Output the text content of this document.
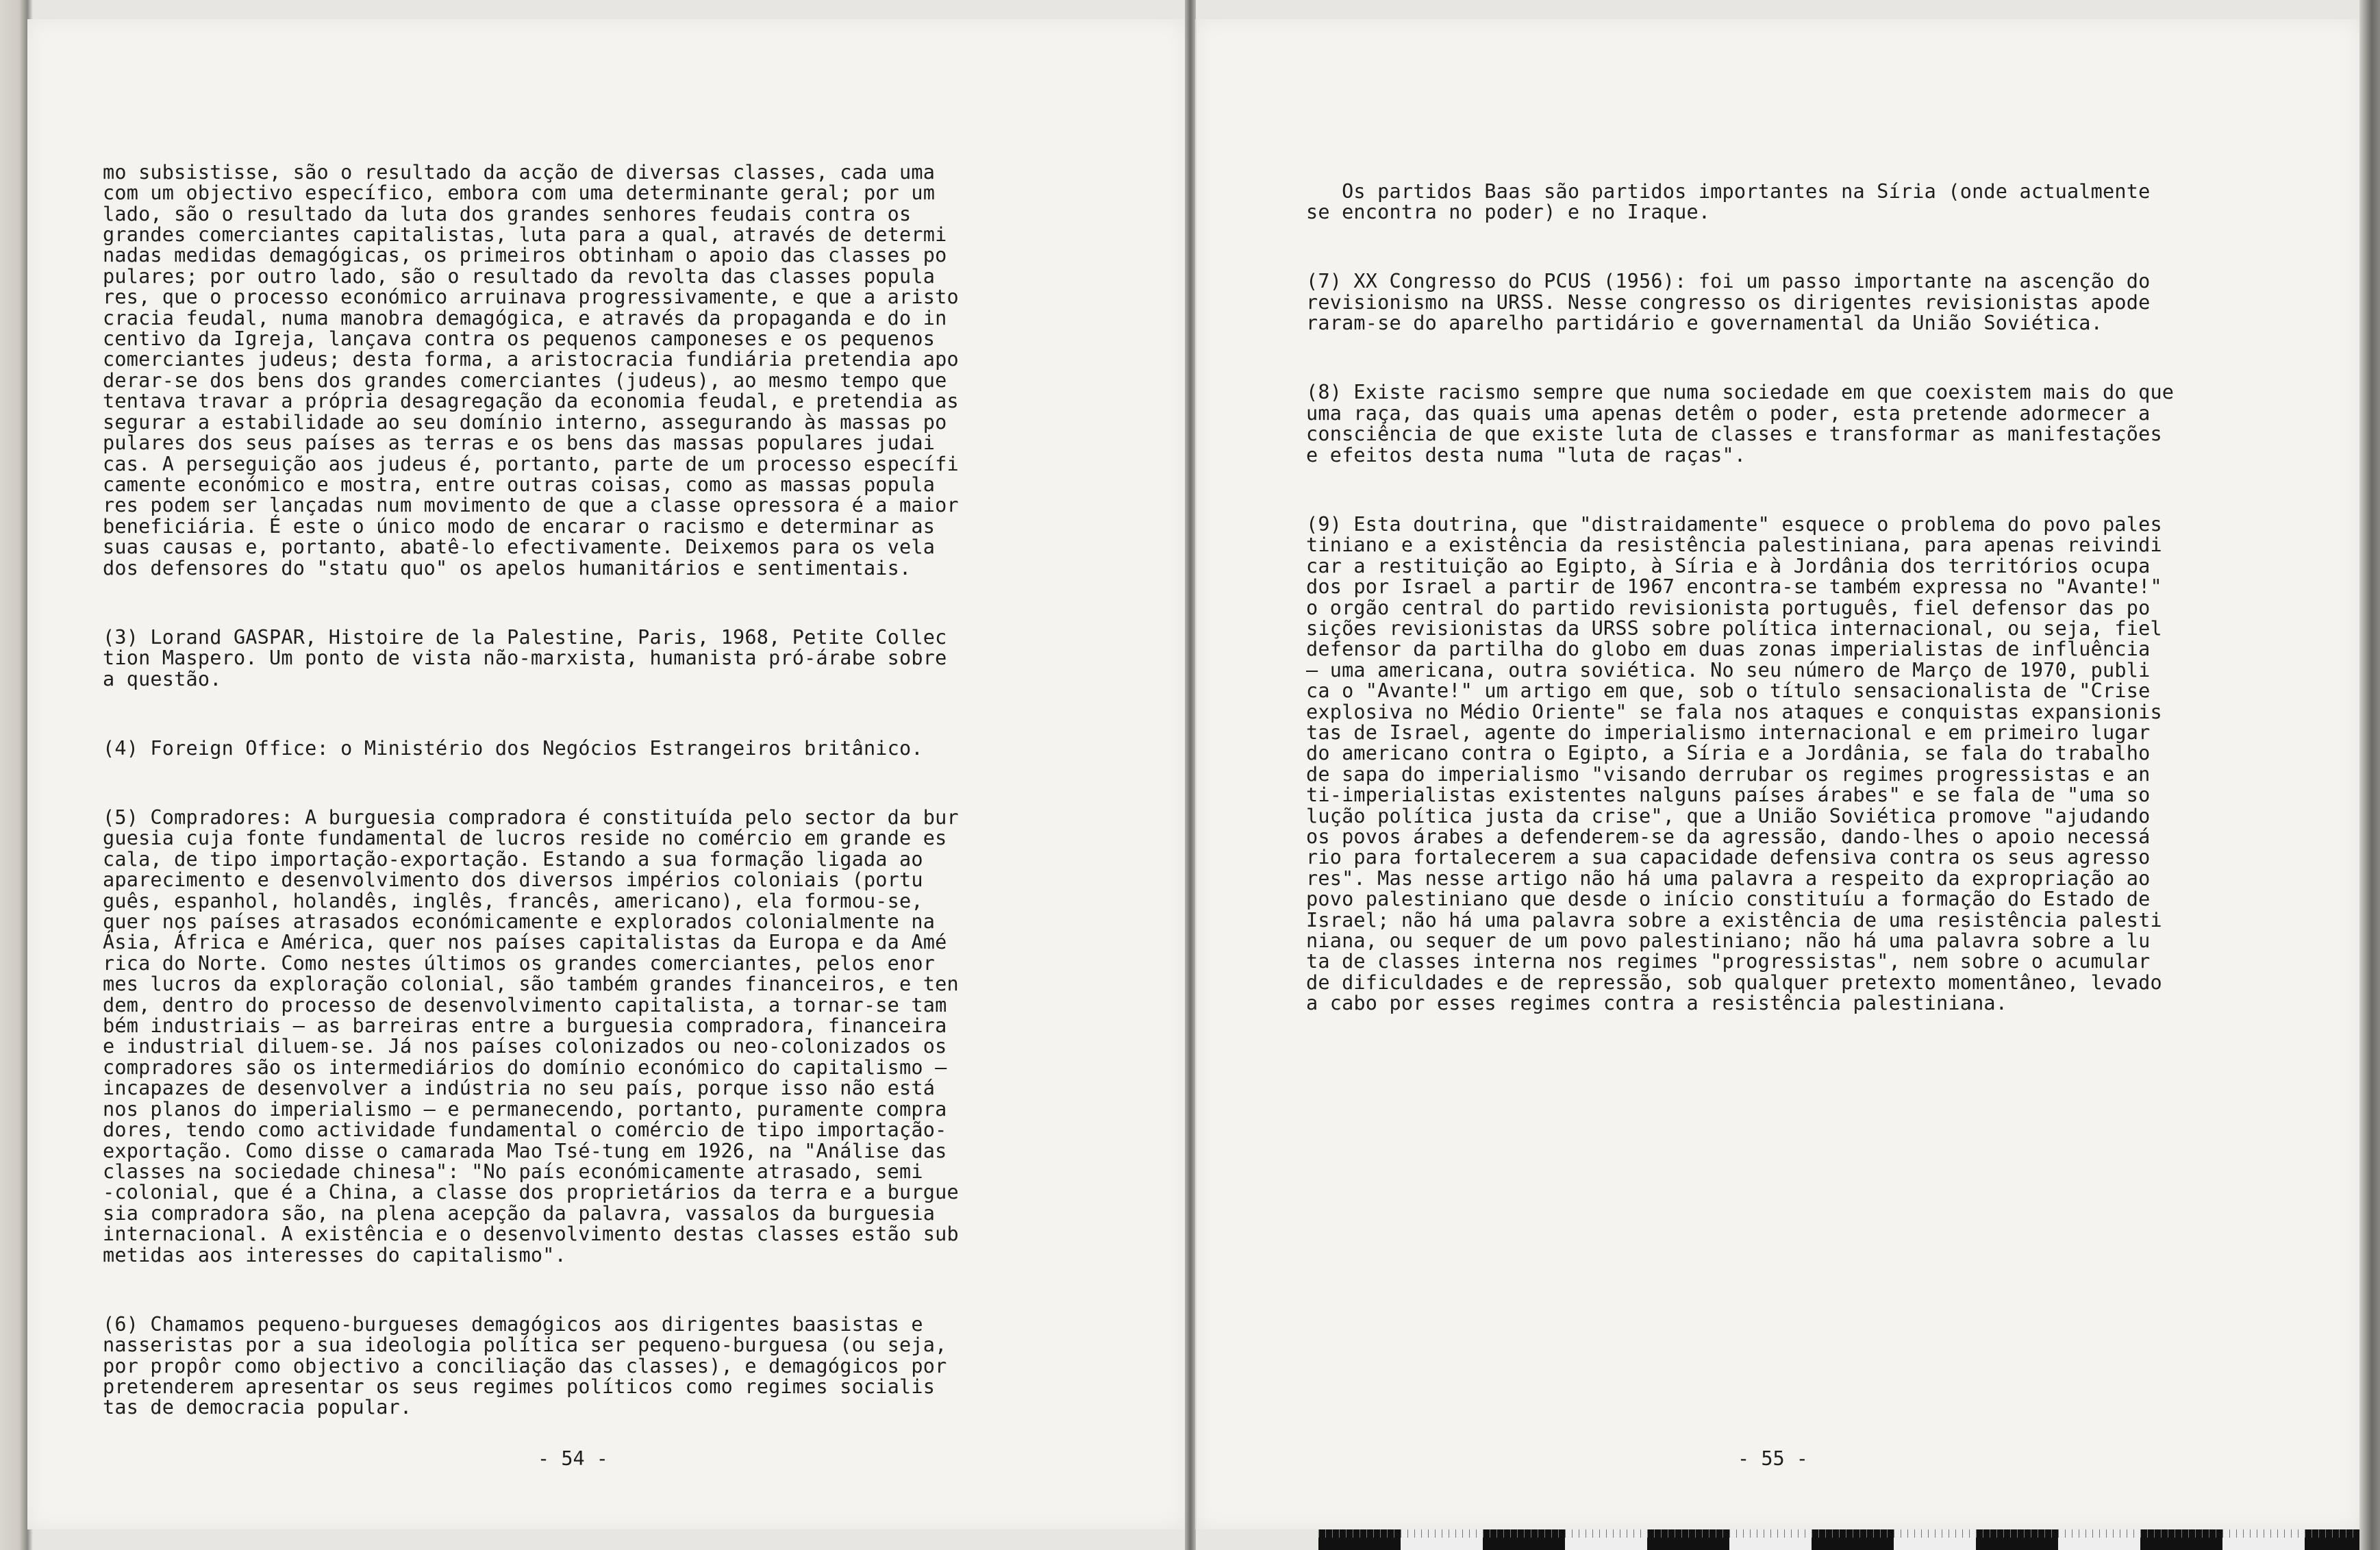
mo subsistisse, são o resultado da acção de diversas classes, cada uma
com um objectivo específico, embora com uma determinante geral; por um
lado, são o resultado da luta dos grandes senhores feudais contra os
grandes comerciantes capitalistas, luta para a qual, através de determi
nadas medidas demagógicas, os primeiros obtinham o apoio das classes po
pulares; por outro lado, são o resultado da revolta das classes popula
res, que o processo económico arruinava progressivamente, e que a aristo
cracia feudal, numa manobra demagógica, e através da propaganda e do in
centivo da Igreja, lançava contra os pequenos camponeses e os pequenos
comerciantes judeus; desta forma, a aristocracia fundiária pretendia apo
derar-se dos bens dos grandes comerciantes (judeus), ao mesmo tempo que
tentava travar a própria desagregação da economia feudal, e pretendia as
segurar a estabilidade ao seu domínio interno, assegurando às massas po
pulares dos seus países as terras e os bens das massas populares judai
cas. A perseguição aos judeus é, portanto, parte de um processo específi
camente económico e mostra, entre outras coisas, como as massas popula
res podem ser lançadas num movimento de que a classe opressora é a maior
beneficiária. É este o único modo de encarar o racismo e determinar as
suas causas e, portanto, abatê-lo efectivamente. Deixemos para os vela
dos defensores do "statu quo" os apelos humanitários e sentimentais.

(3) Lorand GASPAR, Histoire de la Palestine, Paris, 1968, Petite Collec
tion Maspero. Um ponto de vista não-marxista, humanista pró-árabe sobre
a questão.

(4) Foreign Office: o Ministério dos Negócios Estrangeiros britânico.

(5) Compradores: A burguesia compradora é constituída pelo sector da bur
guesia cuja fonte fundamental de lucros reside no comércio em grande es
cala, de tipo importação-exportação. Estando a sua formação ligada ao
aparecimento e desenvolvimento dos diversos impérios coloniais (portu
guês, espanhol, holandês, inglês, francês, americano), ela formou-se,
quer nos países atrasados económicamente e explorados colonialmente na
Ásia, África e América, quer nos países capitalistas da Europa e da Amé
rica do Norte. Como nestes últimos os grandes comerciantes, pelos enor
mes lucros da exploração colonial, são também grandes financeiros, e ten
dem, dentro do processo de desenvolvimento capitalista, a tornar-se tam
bém industriais — as barreiras entre a burguesia compradora, financeira
e industrial diluem-se. Já nos países colonizados ou neo-colonizados os
compradores são os intermediários do domínio económico do capitalismo —
incapazes de desenvolver a indústria no seu país, porque isso não está
nos planos do imperialismo — e permanecendo, portanto, puramente compra
dores, tendo como actividade fundamental o comércio de tipo importação-
exportação. Como disse o camarada Mao Tsé-tung em 1926, na "Análise das
classes na sociedade chinesa": "No país económicamente atrasado, semi
-colonial, que é a China, a classe dos proprietários da terra e a burgue
sia compradora são, na plena acepção da palavra, vassalos da burguesia
internacional. A existência e o desenvolvimento destas classes estão sub
metidas aos interesses do capitalismo".

(6) Chamamos pequeno-burgueses demagógicos aos dirigentes baasistas e
nasseristas por a sua ideologia política ser pequeno-burguesa (ou seja,
por propôr como objectivo a conciliação das classes), e demagógicos por
pretenderem apresentar os seus regimes políticos como regimes socialis
tas de democracia popular.

- 54 -

Os partidos Baas são partidos importantes na Síria (onde actualmente
se encontra no poder) e no Iraque.

(7) XX Congresso do PCUS (1956): foi um passo importante na ascenção do
revisionismo na URSS. Nesse congresso os dirigentes revisionistas apode
raram-se do aparelho partidário e governamental da União Soviética.

(8) Existe racismo sempre que numa sociedade em que coexistem mais do que
uma raça, das quais uma apenas detêm o poder, esta pretende adormecer a
consciência de que existe luta de classes e transformar as manifestações
e efeitos desta numa "luta de raças".

(9) Esta doutrina, que "distraidamente" esquece o problema do povo pales
tiniano e a existência da resistência palestiniana, para apenas reivindi
car a restituição ao Egipto, à Síria e à Jordânia dos territórios ocupa
dos por Israel a partir de 1967 encontra-se também expressa no "Avante!"
o orgão central do partido revisionista português, fiel defensor das po
sições revisionistas da URSS sobre política internacional, ou seja, fiel
defensor da partilha do globo em duas zonas imperialistas de influência
— uma americana, outra soviética. No seu número de Março de 1970, publi
ca o "Avante!" um artigo em que, sob o título sensacionalista de "Crise
explosiva no Médio Oriente" se fala nos ataques e conquistas expansionis
tas de Israel, agente do imperialismo internacional e em primeiro lugar
do americano contra o Egipto, a Síria e a Jordânia, se fala do trabalho
de sapa do imperialismo "visando derrubar os regimes progressistas e an
ti-imperialistas existentes nalguns países árabes" e se fala de "uma so
lução política justa da crise", que a União Soviética promove "ajudando
os povos árabes a defenderem-se da agressão, dando-lhes o apoio necessá
rio para fortalecerem a sua capacidade defensiva contra os seus agresso
res". Mas nesse artigo não há uma palavra a respeito da expropriação ao
povo palestiniano que desde o início constituíu a formação do Estado de
Israel; não há uma palavra sobre a existência de uma resistência palesti
niana, ou sequer de um povo palestiniano; não há uma palavra sobre a lu
ta de classes interna nos regimes "progressistas", nem sobre o acumular
de dificuldades e de repressão, sob qualquer pretexto momentâneo, levado
a cabo por esses regimes contra a resistência palestiniana.

- 55 -
